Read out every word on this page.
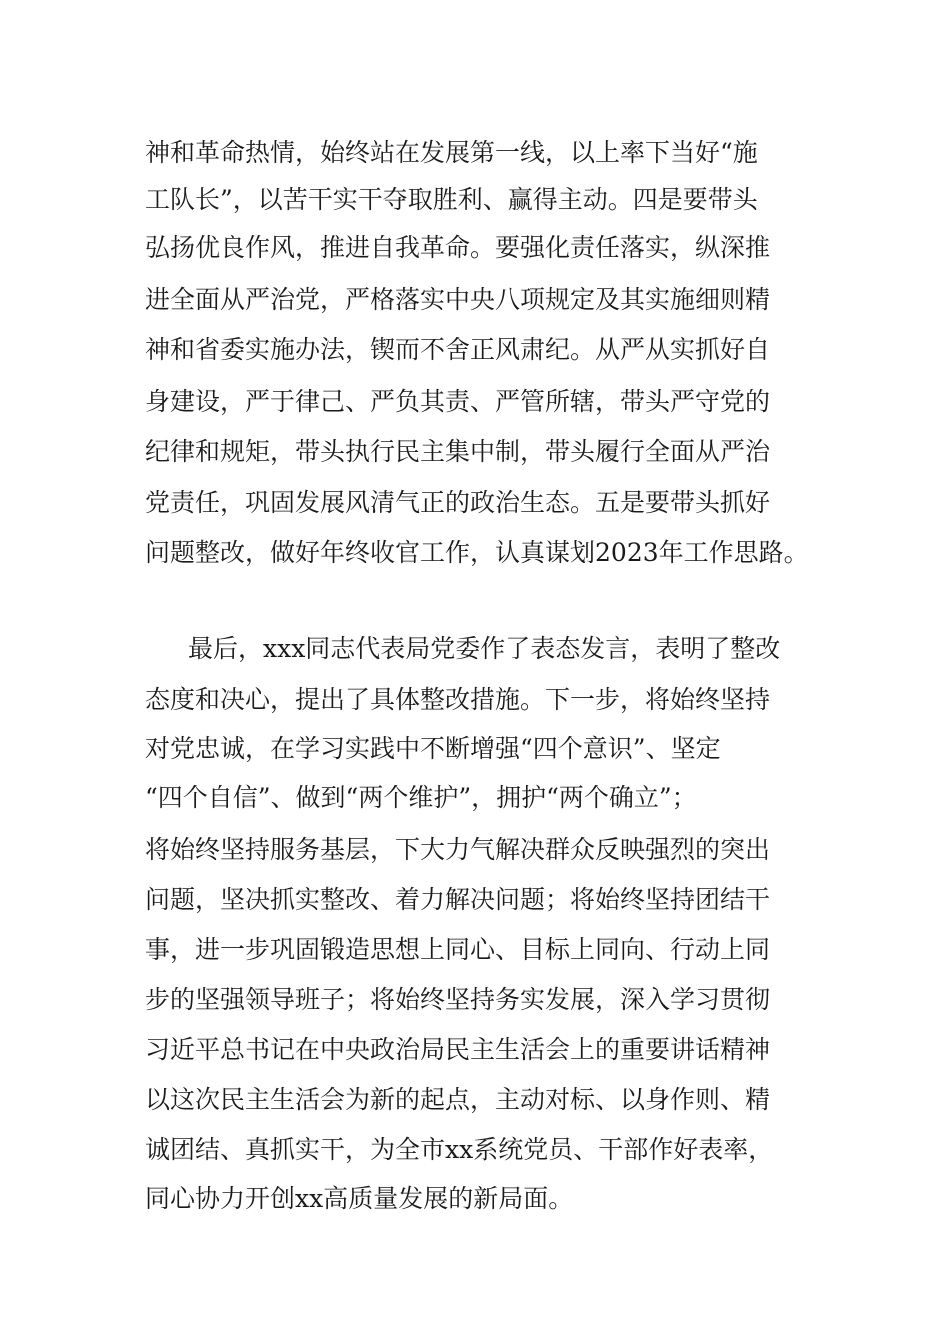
神和革命热情，始终站在发展第一线，以上率下当好“施
工队长”，以苦干实干夺取胜利、赢得主动。四是要带头
弘扬优良作风，推进自我革命。要强化责任落实，纵深推
进全面从严治党，严格落实中央八项规定及其实施细则精
神和省委实施办法，锲而不舍正风肃纪。从严从实抓好自
身建设，严于律己、严负其责、严管所辖，带头严守党的
纪律和规矩，带头执行民主集中制，带头履行全面从严治
党责任，巩固发展风清气正的政治生态。五是要带头抓好
问题整改，做好年终收官工作，认真谋划2023年工作思路。
最后，xxx同志代表局党委作了表态发言，表明了整改
态度和决心，提出了具体整改措施。下一步，将始终坚持
对党忠诚，在学习实践中不断增强“四个意识”、坚定
“四个自信”、做到“两个维护”，拥护“两个确立”；
将始终坚持服务基层，下大力气解决群众反映强烈的突出
问题，坚决抓实整改、着力解决问题；将始终坚持团结干
事，进一步巩固锻造思想上同心、目标上同向、行动上同
步的坚强领导班子；将始终坚持务实发展，深入学习贯彻
习近平总书记在中央政治局民主生活会上的重要讲话精神
以这次民主生活会为新的起点，主动对标、以身作则、精
诚团结、真抓实干，为全市xx系统党员、干部作好表率，
同心协力开创xx高质量发展的新局面。
